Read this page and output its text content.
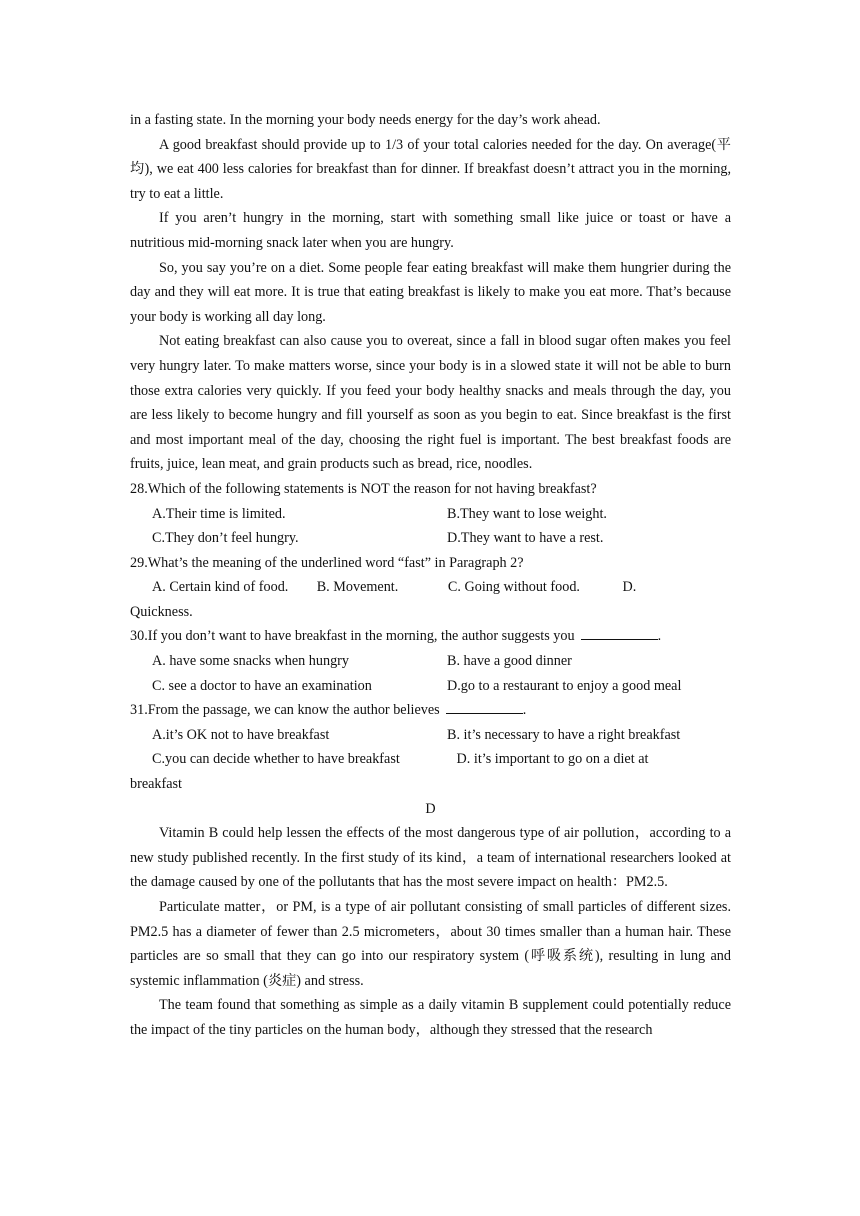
in a fasting state. In the morning your body needs energy for the day’s work ahead.

A good breakfast should provide up to 1/3 of your total calories needed for the day. On average(平均), we eat 400 less calories for breakfast than for dinner. If breakfast doesn’t attract you in the morning, try to eat a little.

If you aren’t hungry in the morning, start with something small like juice or toast or have a nutritious mid-morning snack later when you are hungry.

So, you say you’re on a diet. Some people fear eating breakfast will make them hungrier during the day and they will eat more. It is true that eating breakfast is likely to make you eat more. That’s because your body is working all day long.

Not eating breakfast can also cause you to overeat, since a fall in blood sugar often makes you feel very hungry later. To make matters worse, since your body is in a slowed state it will not be able to burn those extra calories very quickly. If you feed your body healthy snacks and meals through the day, you are less likely to become hungry and fill yourself as soon as you begin to eat. Since breakfast is the first and most important meal of the day, choosing the right fuel is important. The best breakfast foods are fruits, juice, lean meat, and grain products such as bread, rice, noodles.

28.Which of the following statements is NOT the reason for not having breakfast?

A.Their time is limited.	B.They want to lose weight.
C.They don’t feel hungry.	D.They want to have a rest.

29.What’s the meaning of the underlined word “fast” in Paragraph 2?

A. Certain kind of food.        B. Movement.              C. Going without food.            D.

Quickness.

30.If you don’t want to have breakfast in the morning, the author suggests you	.

A. have some snacks when hungry	B. have a good dinner
C. see a doctor to have an examination	D.go to a restaurant to enjoy a good meal

31.From the passage, we can know the author believes	.

A.it’s OK not to have breakfast	B. it’s necessary to have a right breakfast

C.you can decide whether to have breakfast                D. it’s important to go on a diet at

breakfast

D

Vitamin B could help lessen the effects of the most dangerous type of air pollution，according to a new study published recently. In the first study of its kind，a team of international researchers looked at the damage caused by one of the pollutants that has the most severe impact on health：PM2.5.

Particulate matter，or PM, is a type of air pollutant consisting of small particles of different sizes. PM2.5 has a diameter of fewer than 2.5 micrometers，about 30 times smaller than a human hair. These particles are so small that they can go into our respiratory system (呼吸系统), resulting in lung and systemic inflammation (炎症) and stress.

The team found that something as simple as a daily vitamin B supplement could potentially reduce the impact of the tiny particles on the human body，although they stressed that the research
